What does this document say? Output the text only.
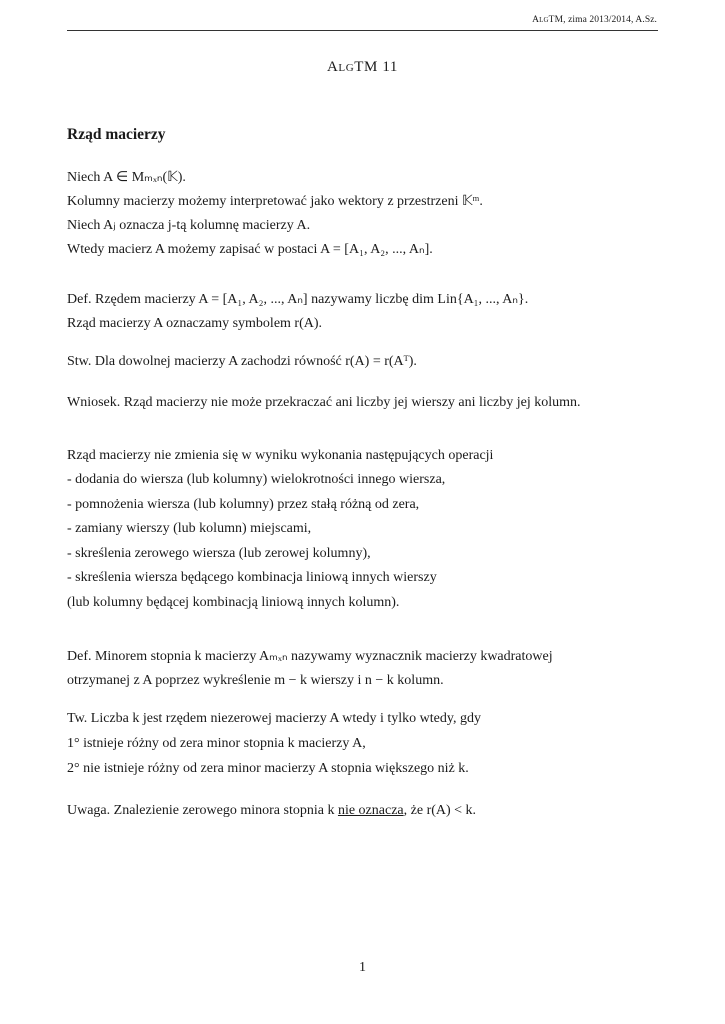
AlgTM, zima 2013/2014, A.Sz.
AlgTM 11
Rząd macierzy
Niech A ∈ Mₘₓₙ(𝕂).
Kolumny macierzy możemy interpretować jako wektory z przestrzeni 𝕂ᵐ.
Niech Aⱼ oznacza j-tą kolumnę macierzy A.
Wtedy macierz A możemy zapisać w postaci A = [A₁, A₂, ..., Aₙ].
Def. Rzędem macierzy A = [A₁, A₂, ..., Aₙ] nazywamy liczbę dim Lin{A₁, ..., Aₙ}.
Rząd macierzy A oznaczamy symbolem r(A).
Stw. Dla dowolnej macierzy A zachodzi równość r(A) = r(Aᵀ).
Wniosek. Rząd macierzy nie może przekraczać ani liczby jej wierszy ani liczby jej kolumn.
Rząd macierzy nie zmienia się w wyniku wykonania następujących operacji
- dodania do wiersza (lub kolumny) wielokrotności innego wiersza,
- pomnożenia wiersza (lub kolumny) przez stałą różną od zera,
- zamiany wierszy (lub kolumn) miejscami,
- skreślenia zerowego wiersza (lub zerowej kolumny),
- skreślenia wiersza będącego kombinacja liniową innych wierszy
(lub kolumny będącej kombinacją liniową innych kolumn).
Def. Minorem stopnia k macierzy Aₘₓₙ nazywamy wyznacznik macierzy kwadratowej
otrzymanej z A poprzez wykreślenie m − k wierszy i n − k kolumn.
Tw. Liczba k jest rzędem niezerowej macierzy A wtedy i tylko wtedy, gdy
1° istnieje różny od zera minor stopnia k macierzy A,
2° nie istnieje różny od zera minor macierzy A stopnia większego niż k.
Uwaga. Znalezienie zerowego minora stopnia k nie oznacza, że r(A) < k.
1
